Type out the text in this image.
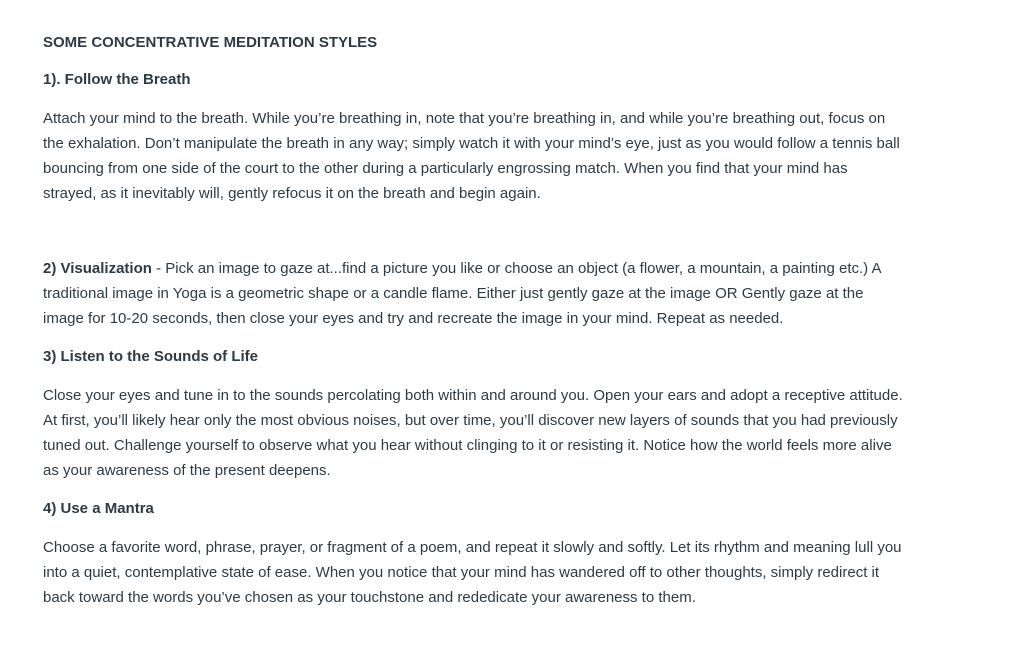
SOME CONCENTRATIVE MEDITATION STYLES
1). Follow the Breath

Attach your mind to the breath. While you’re breathing in, note that you’re breathing in, and while you’re breathing out, focus on the exhalation. Don’t manipulate the breath in any way; simply watch it with your mind’s eye, just as you would follow a tennis ball bouncing from one side of the court to the other during a particularly engrossing match. When you find that your mind has strayed, as it inevitably will, gently refocus it on the breath and begin again.

2) Visualization - Pick an image to gaze at...find a picture you like or choose an object (a flower, a mountain, a painting etc.) A traditional image in Yoga is a geometric shape or a candle flame. Either just gently gaze at the image OR Gently gaze at the image for 10-20 seconds, then close your eyes and try and recreate the image in your mind. Repeat as needed.

3) Listen to the Sounds of Life

Close your eyes and tune in to the sounds percolating both within and around you. Open your ears and adopt a receptive attitude. At first, you’ll likely hear only the most obvious noises, but over time, you’ll discover new layers of sounds that you had previously tuned out. Challenge yourself to observe what you hear without clinging to it or resisting it. Notice how the world feels more alive as your awareness of the present deepens.

4) Use a Mantra

Choose a favorite word, phrase, prayer, or fragment of a poem, and repeat it slowly and softly. Let its rhythm and meaning lull you into a quiet, contemplative state of ease. When you notice that your mind has wandered off to other thoughts, simply redirect it back toward the words you’ve chosen as your touchstone and rededicate your awareness to them.
